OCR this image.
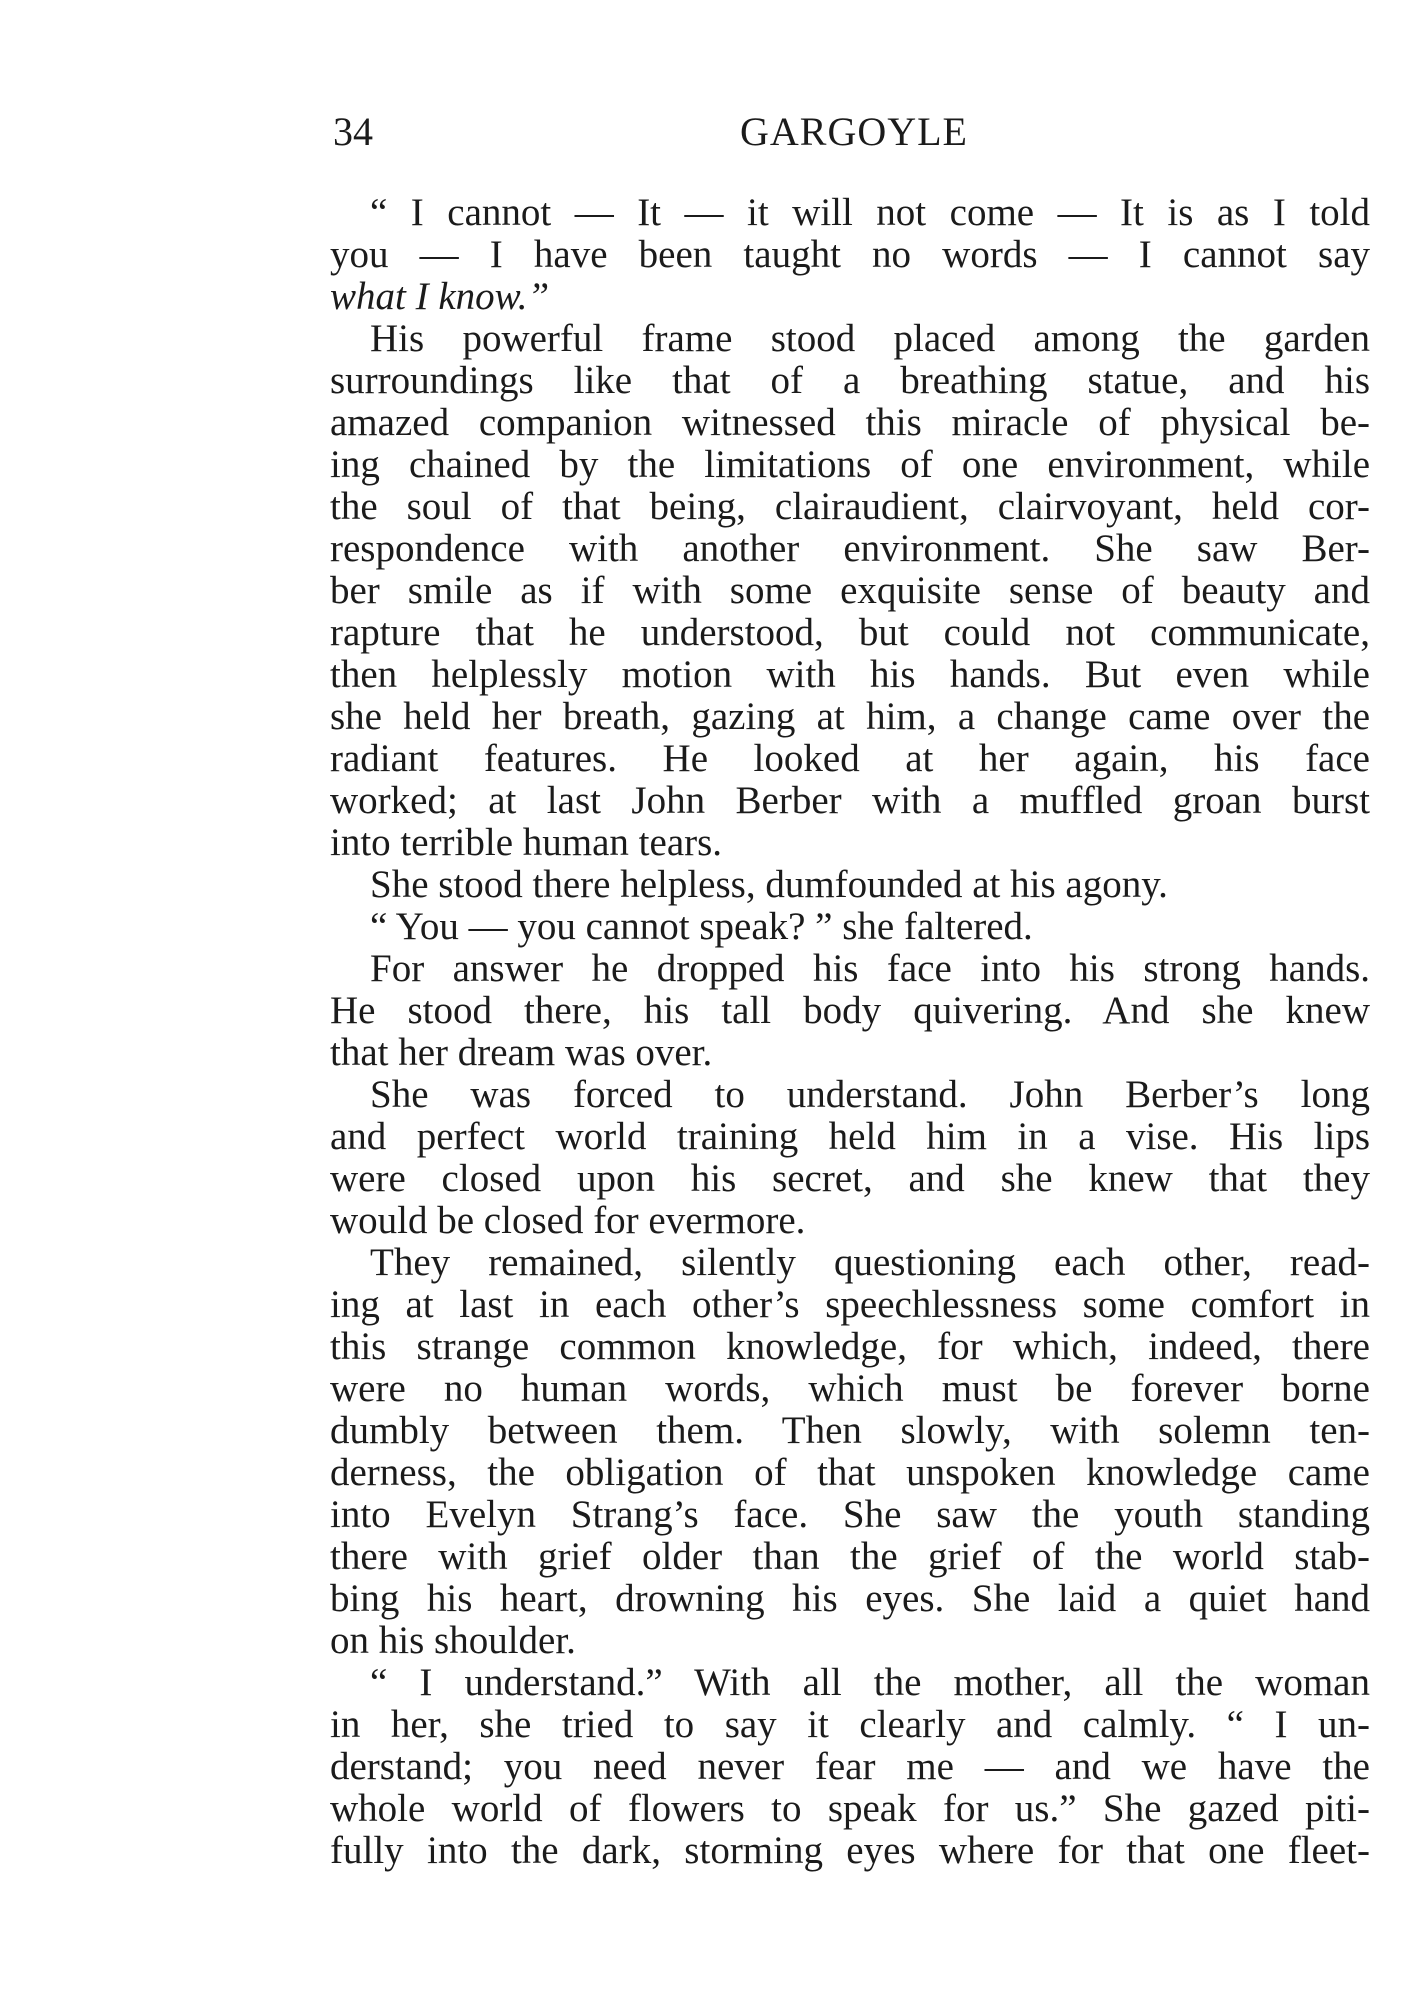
34	GARGOYLE
“ I cannot — It — it will not come — It is as I told
you — I have been taught no words — I cannot say
what I know.”
His powerful frame stood placed among the garden
surroundings like that of a breathing statue, and his
amazed companion witnessed this miracle of physical be-
ing chained by the limitations of one environment, while
the soul of that being, clairaudient, clairvoyant, held cor-
respondence with another environment. She saw Ber-
ber smile as if with some exquisite sense of beauty and
rapture that he understood, but could not communicate,
then helplessly motion with his hands. But even while
she held her breath, gazing at him, a change came over the
radiant features. He looked at her again, his face
worked; at last John Berber with a muffled groan burst
into terrible human tears.
She stood there helpless, dumfounded at his agony.
“ You — you cannot speak? ” she faltered.
For answer he dropped his face into his strong hands.
He stood there, his tall body quivering. And she knew
that her dream was over.
She was forced to understand. John Berber’s long
and perfect world training held him in a vise. His lips
were closed upon his secret, and she knew that they
would be closed for evermore.
They remained, silently questioning each other, read-
ing at last in each other’s speechlessness some comfort in
this strange common knowledge, for which, indeed, there
were no human words, which must be forever borne
dumbly between them. Then slowly, with solemn ten-
derness, the obligation of that unspoken knowledge came
into Evelyn Strang’s face. She saw the youth standing
there with grief older than the grief of the world stab-
bing his heart, drowning his eyes. She laid a quiet hand
on his shoulder.
“ I understand.” With all the mother, all the woman
in her, she tried to say it clearly and calmly. “ I un-
derstand; you need never fear me — and we have the
whole world of flowers to speak for us.” She gazed piti-
fully into the dark, storming eyes where for that one fleet-
